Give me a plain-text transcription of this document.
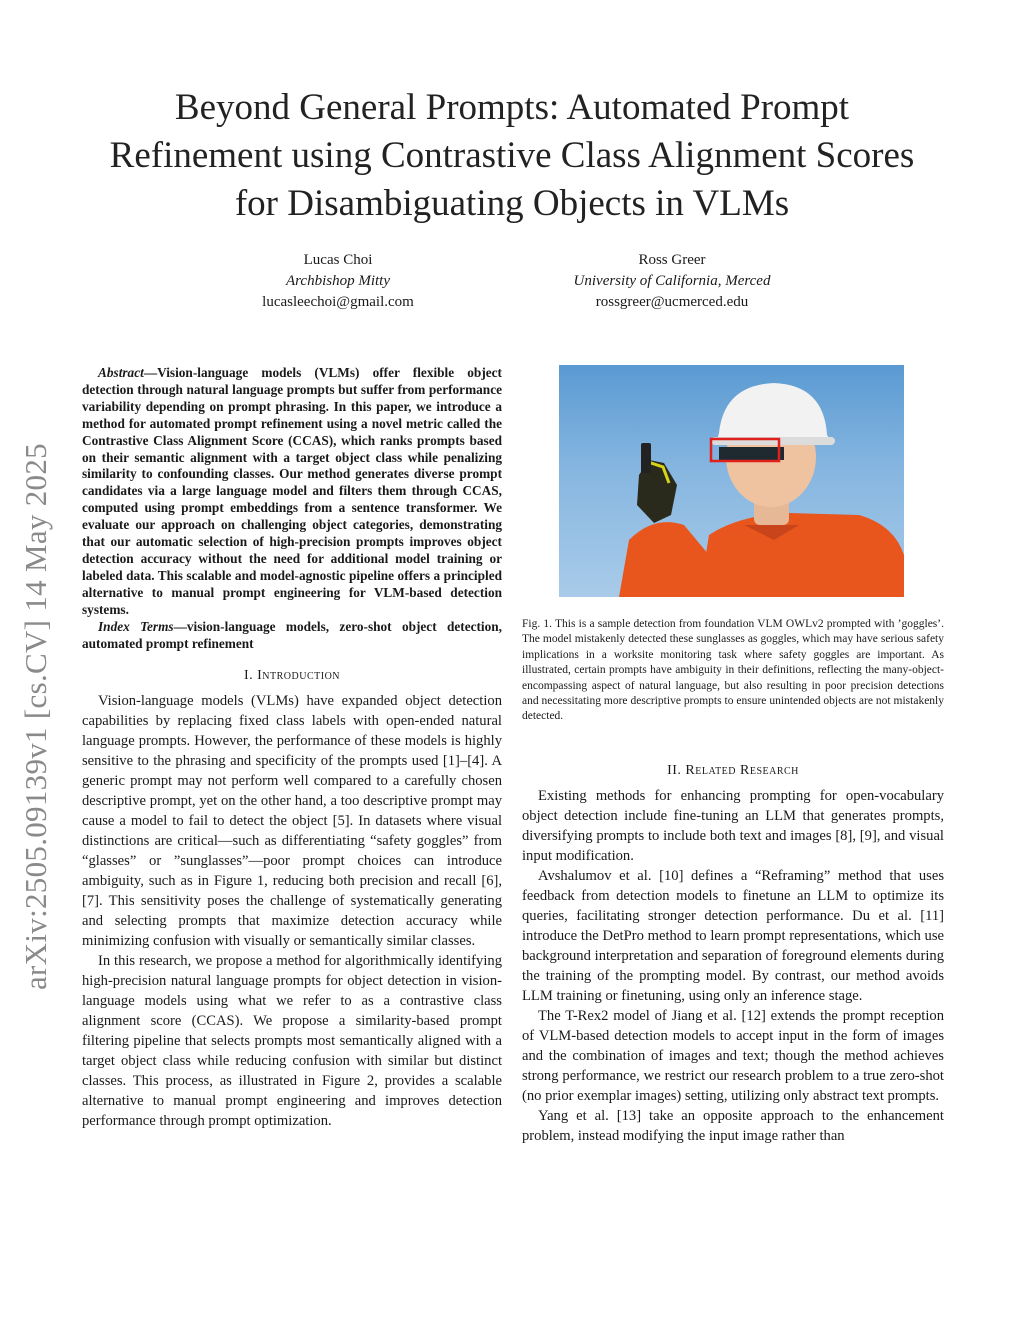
Beyond General Prompts: Automated Prompt Refinement using Contrastive Class Alignment Scores for Disambiguating Objects in VLMs
Lucas Choi
Archbishop Mitty
lucasleechoi@gmail.com
Ross Greer
University of California, Merced
rossgreer@ucmerced.edu
arXiv:2505.09139v1 [cs.CV] 14 May 2025

Abstract—Vision-language models (VLMs) offer flexible object detection through natural language prompts but suffer from performance variability depending on prompt phrasing. In this paper, we introduce a method for automated prompt refinement using a novel metric called the Contrastive Class Alignment Score (CCAS), which ranks prompts based on their semantic alignment with a target object class while penalizing similarity to confounding classes. Our method generates diverse prompt candidates via a large language model and filters them through CCAS, computed using prompt embeddings from a sentence transformer. We evaluate our approach on challenging object categories, demonstrating that our automatic selection of high-precision prompts improves object detection accuracy without the need for additional model training or labeled data. This scalable and model-agnostic pipeline offers a principled alternative to manual prompt engineering for VLM-based detection systems.

Index Terms—vision-language models, zero-shot object detection, automated prompt refinement

I. Introduction

Vision-language models (VLMs) have expanded object detection capabilities by replacing fixed class labels with open-ended natural language prompts. However, the performance of these models is highly sensitive to the phrasing and specificity of the prompts used [1]–[4]. A generic prompt may not perform well compared to a carefully chosen descriptive prompt, yet on the other hand, a too descriptive prompt may cause a model to fail to detect the object [5]. In datasets where visual distinctions are critical—such as differentiating “safety goggles” from “glasses” or ”sunglasses”—poor prompt choices can introduce ambiguity, such as in Figure 1, reducing both precision and recall [6], [7]. This sensitivity poses the challenge of systematically generating and selecting prompts that maximize detection accuracy while minimizing confusion with visually or semantically similar classes.

In this research, we propose a method for algorithmically identifying high-precision natural language prompts for object detection in vision-language models using what we refer to as a contrastive class alignment score (CCAS). We propose a similarity-based prompt filtering pipeline that selects prompts most semantically aligned with a target object class while reducing confusion with similar but distinct classes. This process, as illustrated in Figure 2, provides a scalable alternative to manual prompt engineering and improves detection performance through prompt optimization.

Fig. 1. This is a sample detection from foundation VLM OWLv2 prompted with ’goggles’. The model mistakenly detected these sunglasses as goggles, which may have serious safety implications in a worksite monitoring task where safety goggles are important. As illustrated, certain prompts have ambiguity in their definitions, reflecting the many-object-encompassing aspect of natural language, but also resulting in poor precision detections and necessitating more descriptive prompts to ensure unintended objects are not mistakenly detected.
II. Related Research

Existing methods for enhancing prompting for open-vocabulary object detection include fine-tuning an LLM that generates prompts, diversifying prompts to include both text and images [8], [9], and visual input modification.

Avshalumov et al. [10] defines a “Reframing” method that uses feedback from detection models to finetune an LLM to optimize its queries, facilitating stronger detection performance. Du et al. [11] introduce the DetPro method to learn prompt representations, which use background interpretation and separation of foreground elements during the training of the prompting model. By contrast, our method avoids LLM training or finetuning, using only an inference stage.

The T-Rex2 model of Jiang et al. [12] extends the prompt reception of VLM-based detection models to accept input in the form of images and the combination of images and text; though the method achieves strong performance, we restrict our research problem to a true zero-shot (no prior exemplar images) setting, utilizing only abstract text prompts.

Yang et al. [13] take an opposite approach to the enhancement problem, instead modifying the input image rather than
